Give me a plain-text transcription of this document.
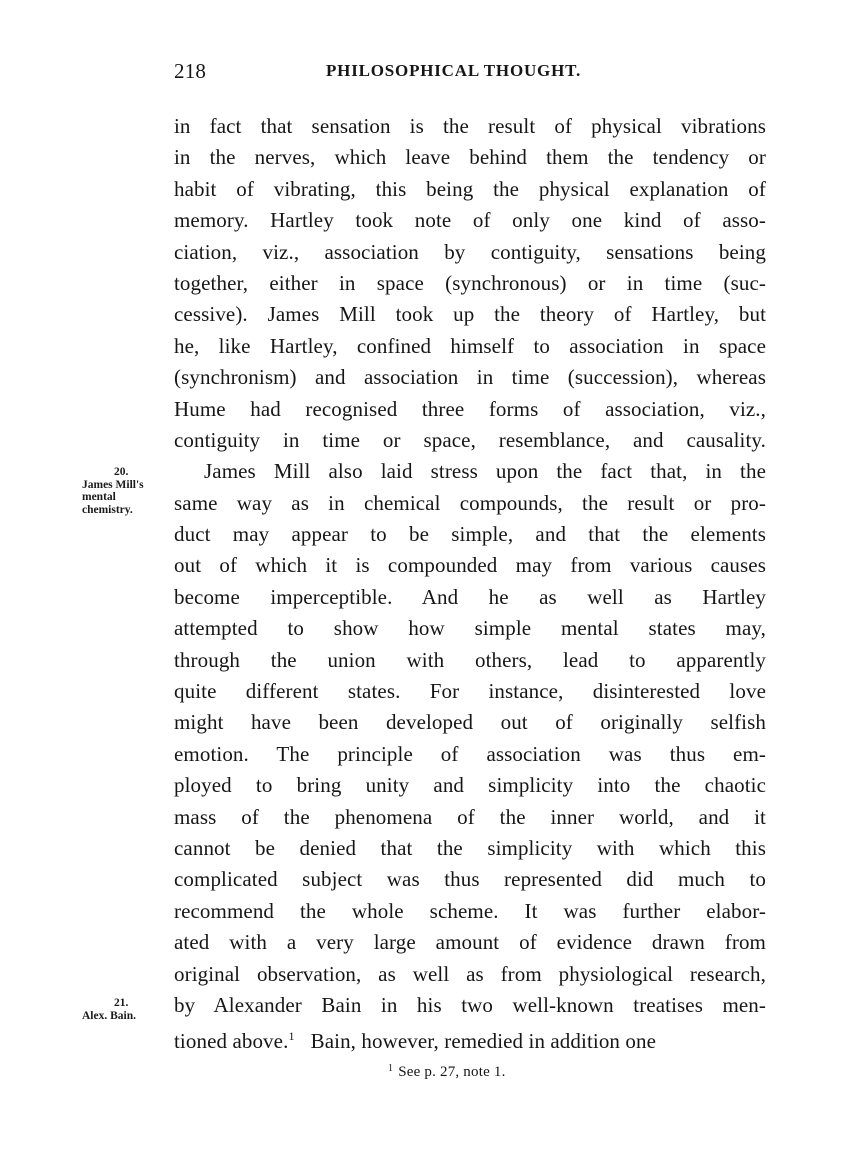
218	PHILOSOPHICAL THOUGHT.
in fact that sensation is the result of physical vibrations
in the nerves, which leave behind them the tendency or
habit of vibrating, this being the physical explanation of
memory. Hartley took note of only one kind of asso-
ciation, viz., association by contiguity, sensations being
together, either in space (synchronous) or in time (suc-
cessive). James Mill took up the theory of Hartley, but
he, like Hartley, confined himself to association in space
(synchronism) and association in time (succession), whereas
Hume had recognised three forms of association, viz.,
contiguity in time or space, resemblance, and causality.
James Mill also laid stress upon the fact that, in the
same way as in chemical compounds, the result or pro-
duct may appear to be simple, and that the elements
out of which it is compounded may from various causes
become imperceptible. And he as well as Hartley
attempted to show how simple mental states may,
through the union with others, lead to apparently
quite different states. For instance, disinterested love
might have been developed out of originally selfish
emotion. The principle of association was thus em-
ployed to bring unity and simplicity into the chaotic
mass of the phenomena of the inner world, and it
cannot be denied that the simplicity with which this
complicated subject was thus represented did much to
recommend the whole scheme. It was further elabor-
ated with a very large amount of evidence drawn from
original observation, as well as from physiological research,
by Alexander Bain in his two well-known treatises men-
tioned above.$^1$ Bain, however, remedied in addition one
20.
James Mill's
mental
chemistry.
21.
Alex. Bain.
$^1$ See p. 27, note 1.
